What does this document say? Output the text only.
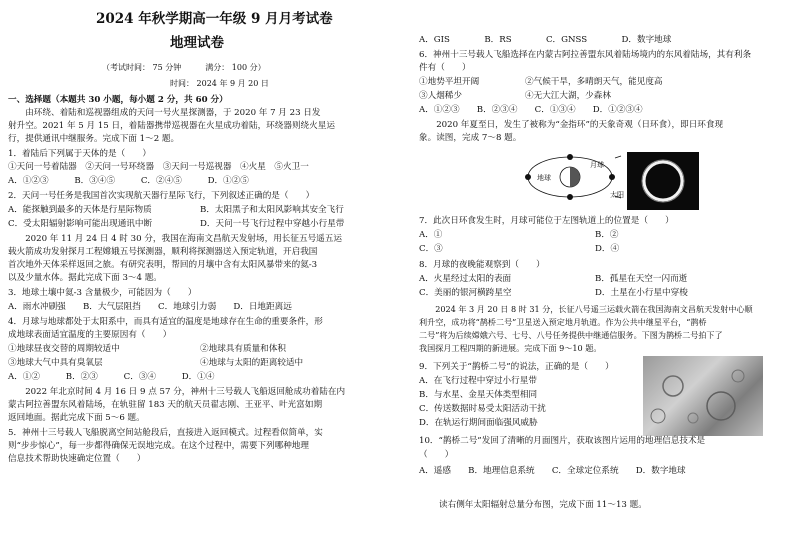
2024 年秋学期高一年级 9 月月考试卷
地理试卷
（考试时间： 75 分钟　　　满分： 100 分）
时间： 2024 年 9 月 20 日
一、选择题（本题共 30 小题，每小题 2 分，共 60 分）
　　由环绕、着陆和巡视器组成的天问一号火星探测器，于 2020 年 7 月 23 日发
射升空。2021 年 5 月 15 日，着陆器携带巡视器在火星成功着陆，环绕器则绕火星运
行，提供通讯中继服务。完成下面 1～2 题。
1．着陆后下列属于天体的是（　　）
①天问一号着陆器　②天问一号环绕器　③天问一号巡视器　④火星　⑤火卫一
A．①②③　　　B．③④⑤　　　C．②④⑤　　　D．①②⑤
2．天问一号任务是我国首次实现航天器行星际飞行，下列叙述正确的是（　　）
A．能探触到最多的天体是行星际物质	B．太阳黑子和太阳风影响其安全飞行
C．受太阳辐射影响可能出现通讯中断	D．天问一号飞行过程中穿越小行星带
　　2020 年 11 月 24 日 4 时 30 分，我国在海南文昌航天发射场，用长征五号遥五运
载火箭成功发射探月工程嫦娥五号探测器，顺利将探测器送入预定轨道，开启我国
首次地外天体采样返回之旅。有研究表明，帮回的月壤中含有太阳风暴带来的氦-3
以及少量水体。据此完成下面 3～4 题。
3．地球土壤中氦-3 含量极少，可能因为（　　）
A．雨水冲刷强　　B．大气层阻挡　　C．地球引力弱　　D．日地距离远
4．月球与地球都处于太阳系中，而具有适宜的温度是地球存在生命的重要条件，形
成地球表面适宜温度的主要原因有（　　）
①地球昼夜交替的周期较适中	②地球具有质量和体积
③地球大气中具有臭氧层	④地球与太阳的距离较适中
A．①②　　　B．②③　　　C．③④　　　D．①④
　　2022 年北京时间 4 月 16 日 9 点 57 分，神州十三号载人飞船返回舱成功着陆在内
蒙古阿拉善盟东风着陆场，在轨驻留 183 天的航天员翟志刚、王亚平、叶光富如期
返回地面。据此完成下面 5～6 题。
5．神州十三号载人飞船脱离空间站舱段后，直接进入返回模式。过程看似简单，实
则“步步惊心”，每一步都得确保无误地完成。在这个过程中，需要下列哪种地理
信息技术帮助快速确定位置（　　）
A．GIS　　　　B．RS　　　　C．GNSS　　　　D．数字地球
6．神州十三号载人飞船选择在内蒙古阿拉善盟东风着陆场境内的东风着陆场，其有利条
件有（　　）
①地势平坦开阔	②气候干旱，多晴朗天气，能见度高
③人烟稀少	④无大江大湖，少森林
A．①②③　　B．②③④　　C．①③④　　D．①②③④
　　2020 年夏至日，发生了被称为“金指环”的天象奇观（日环食），即日环食现
象。读图，完成 7～8 题。
地球
月球
太阳
7．此次日环食发生时，月球可能位于左图轨道上的位置是（　　）
A．①	B．②
C．③	D．④
8．月球的夜晚能观察到（　　）
A．火星经过太阳的表面	B．孤星在天空一闪而逝
C．美丽的银河横跨星空	D．土星在小行星中穿梭
　　2024 年 3 月 20 日 8 时 31 分，长征八号遥三运载火箭在我国海南文昌航天发射中心顺
利升空，成功将“鹊桥二号”卫星送入预定地月轨道。作为公共中继星平台，“鹊桥
二号”将为后续嫦娥六号、七号、八号任务提供中继通信服务。下图为鹊桥二号拍下了
我国探月工程四期的新进展。完成下面 9～10 题。
9．下列关于“鹊桥二号”的说法，正确的是（　　）
A．在飞行过程中穿过小行星带
B．与水星、金星天体类型相同
C．传送数据时易受太阳活动干扰
D．在轨运行期间面临强风威胁
10．“鹊桥二号”发回了清晰的月面图片，获取该图片运用的地理信息技术是
（　　）
A．遥感　　B．地理信息系统　　C．全球定位系统　　D．数字地球
读右侧年太阳辐射总量分布图，完成下面 11～13 题。
